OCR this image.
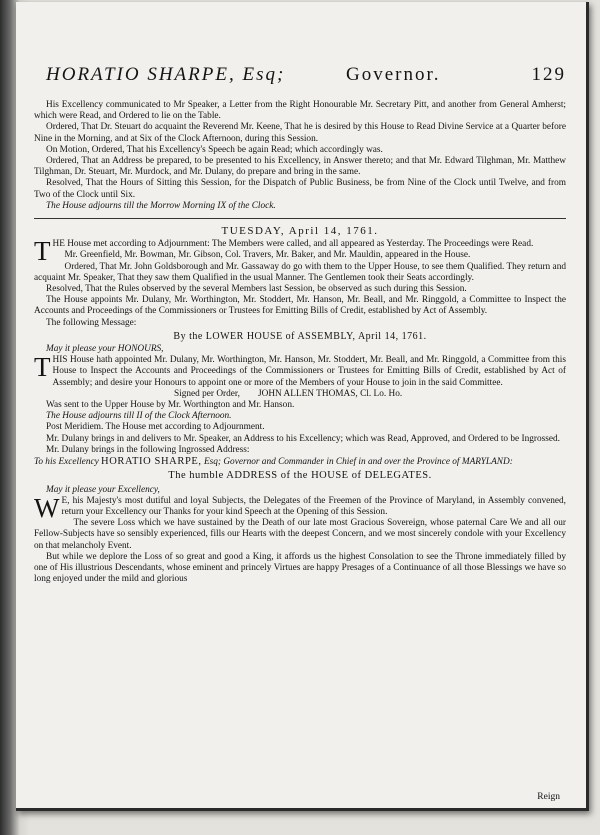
HORATIO SHARPE, Esq;	Governor.	129

His Excellency communicated to Mr Speaker, a Letter from the Right Honourable Mr. Secretary Pitt, and another from General Amherst; which were Read, and Ordered to lie on the Table.

Ordered, That Dr. Steuart do acquaint the Reverend Mr. Keene, That he is desired by this House to Read Divine Service at a Quarter before Nine in the Morning, and at Six of the Clock Afternoon, during this Session.

On Motion, Ordered, That his Excellency's Speech be again Read; which accordingly was.

Ordered, That an Address be prepared, to be presented to his Excellency, in Answer thereto; and that Mr. Edward Tilghman, Mr. Matthew Tilghman, Dr. Steuart, Mr. Murdock, and Mr. Dulany, do prepare and bring in the same.

Resolved, That the Hours of Sitting this Session, for the Dispatch of Public Business, be from Nine of the Clock until Twelve, and from Two of the Clock until Six.

The House adjourns till the Morrow Morning IX of the Clock.

TUESDAY, April 14, 1761.

THE House met according to Adjournment: The Members were called, and all appeared as Yesterday. The Proceedings were Read.

Mr. Greenfield, Mr. Bowman, Mr. Gibson, Col. Travers, Mr. Baker, and Mr. Mauldin, appeared in the House.

Ordered, That Mr. John Goldsborough and Mr. Gassaway do go with them to the Upper House, to see them Qualified. They return and acquaint Mr. Speaker, That they saw them Qualified in the usual Manner. The Gentlemen took their Seats accordingly.

Resolved, That the Rules observed by the several Members last Session, be observed as such during this Session.

The House appoints Mr. Dulany, Mr. Worthington, Mr. Stoddert, Mr. Hanson, Mr. Beall, and Mr. Ringgold, a Committee to Inspect the Accounts and Proceedings of the Commissioners or Trustees for Emitting Bills of Credit, established by Act of Assembly.

The following Message:

By the LOWER HOUSE of ASSEMBLY, April 14, 1761.

May it please your HONOURS,

THIS House hath appointed Mr. Dulany, Mr. Worthington, Mr. Hanson, Mr. Stoddert, Mr. Beall, and Mr. Ringgold, a Committee from this House to Inspect the Accounts and Proceedings of the Commissioners or Trustees for Emitting Bills of Credit, established by Act of Assembly; and desire your Honours to appoint one or more of the Members of your House to join in the said Committee.

Signed per Order, JOHN ALLEN THOMAS, Cl. Lo. Ho.

Was sent to the Upper House by Mr. Worthington and Mr. Hanson.

The House adjourns till II of the Clock Afternoon.

Post Meridiem. The House met according to Adjournment.

Mr. Dulany brings in and delivers to Mr. Speaker, an Address to his Excellency; which was Read, Approved, and Ordered to be Ingrossed.

Mr. Dulany brings in the following Ingrossed Address:

To his Excellency HORATIO SHARPE, Esq; Governor and Commander in Chief in and over the Province of MARYLAND:

The humble ADDRESS of the HOUSE of DELEGATES.

May it please your Excellency,

W E, his Majesty's most dutiful and loyal Subjects, the Delegates of the Freemen of the Province of Maryland, in Assembly convened, return your Excellency our Thanks for your kind Speech at the Opening of this Session.

The severe Loss which we have sustained by the Death of our late most Gracious Sovereign, whose paternal Care We and all our Fellow-Subjects have so sensibly experienced, fills our Hearts with the deepest Concern, and we most sincerely condole with your Excellency on that melancholy Event.

But while we deplore the Loss of so great and good a King, it affords us the highest Consolation to see the Throne immediately filled by one of His illustrious Descendants, whose eminent and princely Virtues are happy Presages of a Continuance of all those Blessings we have so long enjoyed under the mild and glorious

Reign
